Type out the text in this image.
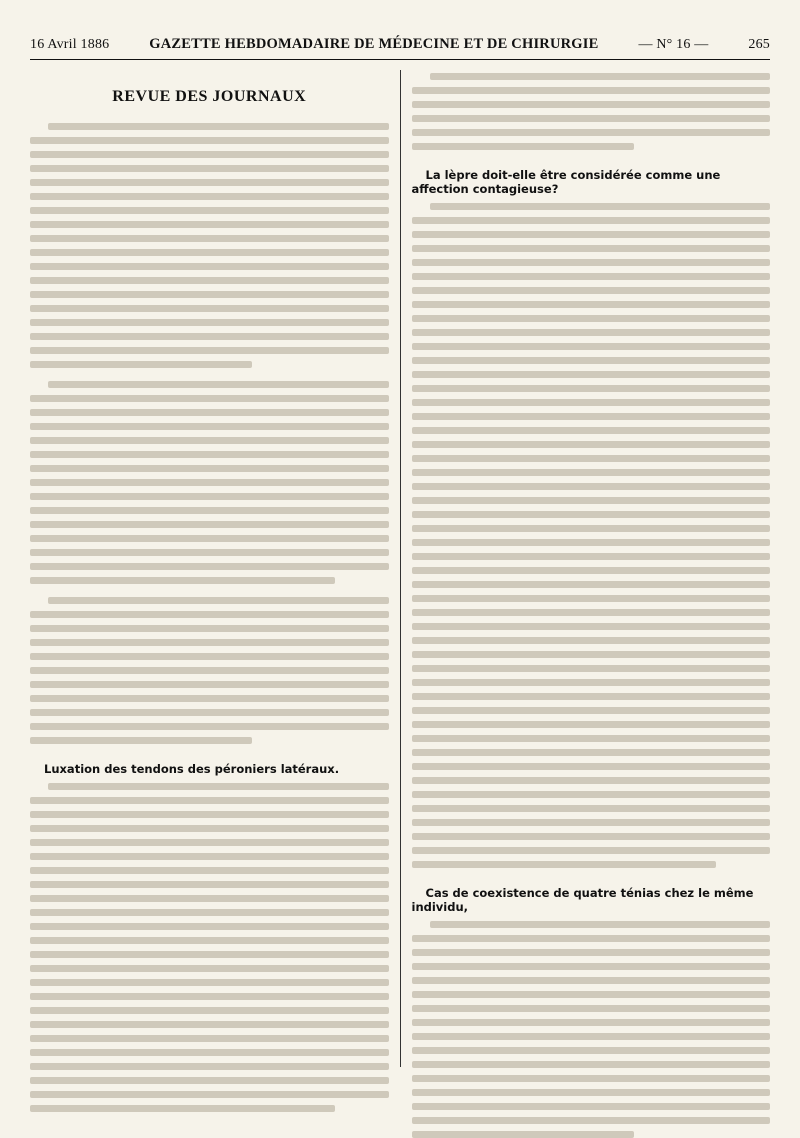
16 Avril 1886	GAZETTE HEBDOMADAIRE DE MÉDECINE ET DE CHIRURGIE	— N° 16 —	265
REVUE DES JOURNAUX
Luxation des tendons des péroniers latéraux.
La lèpre doit-elle être considérée comme une affection contagieuse?
Cas de coexistence de quatre ténias chez le même individu,
